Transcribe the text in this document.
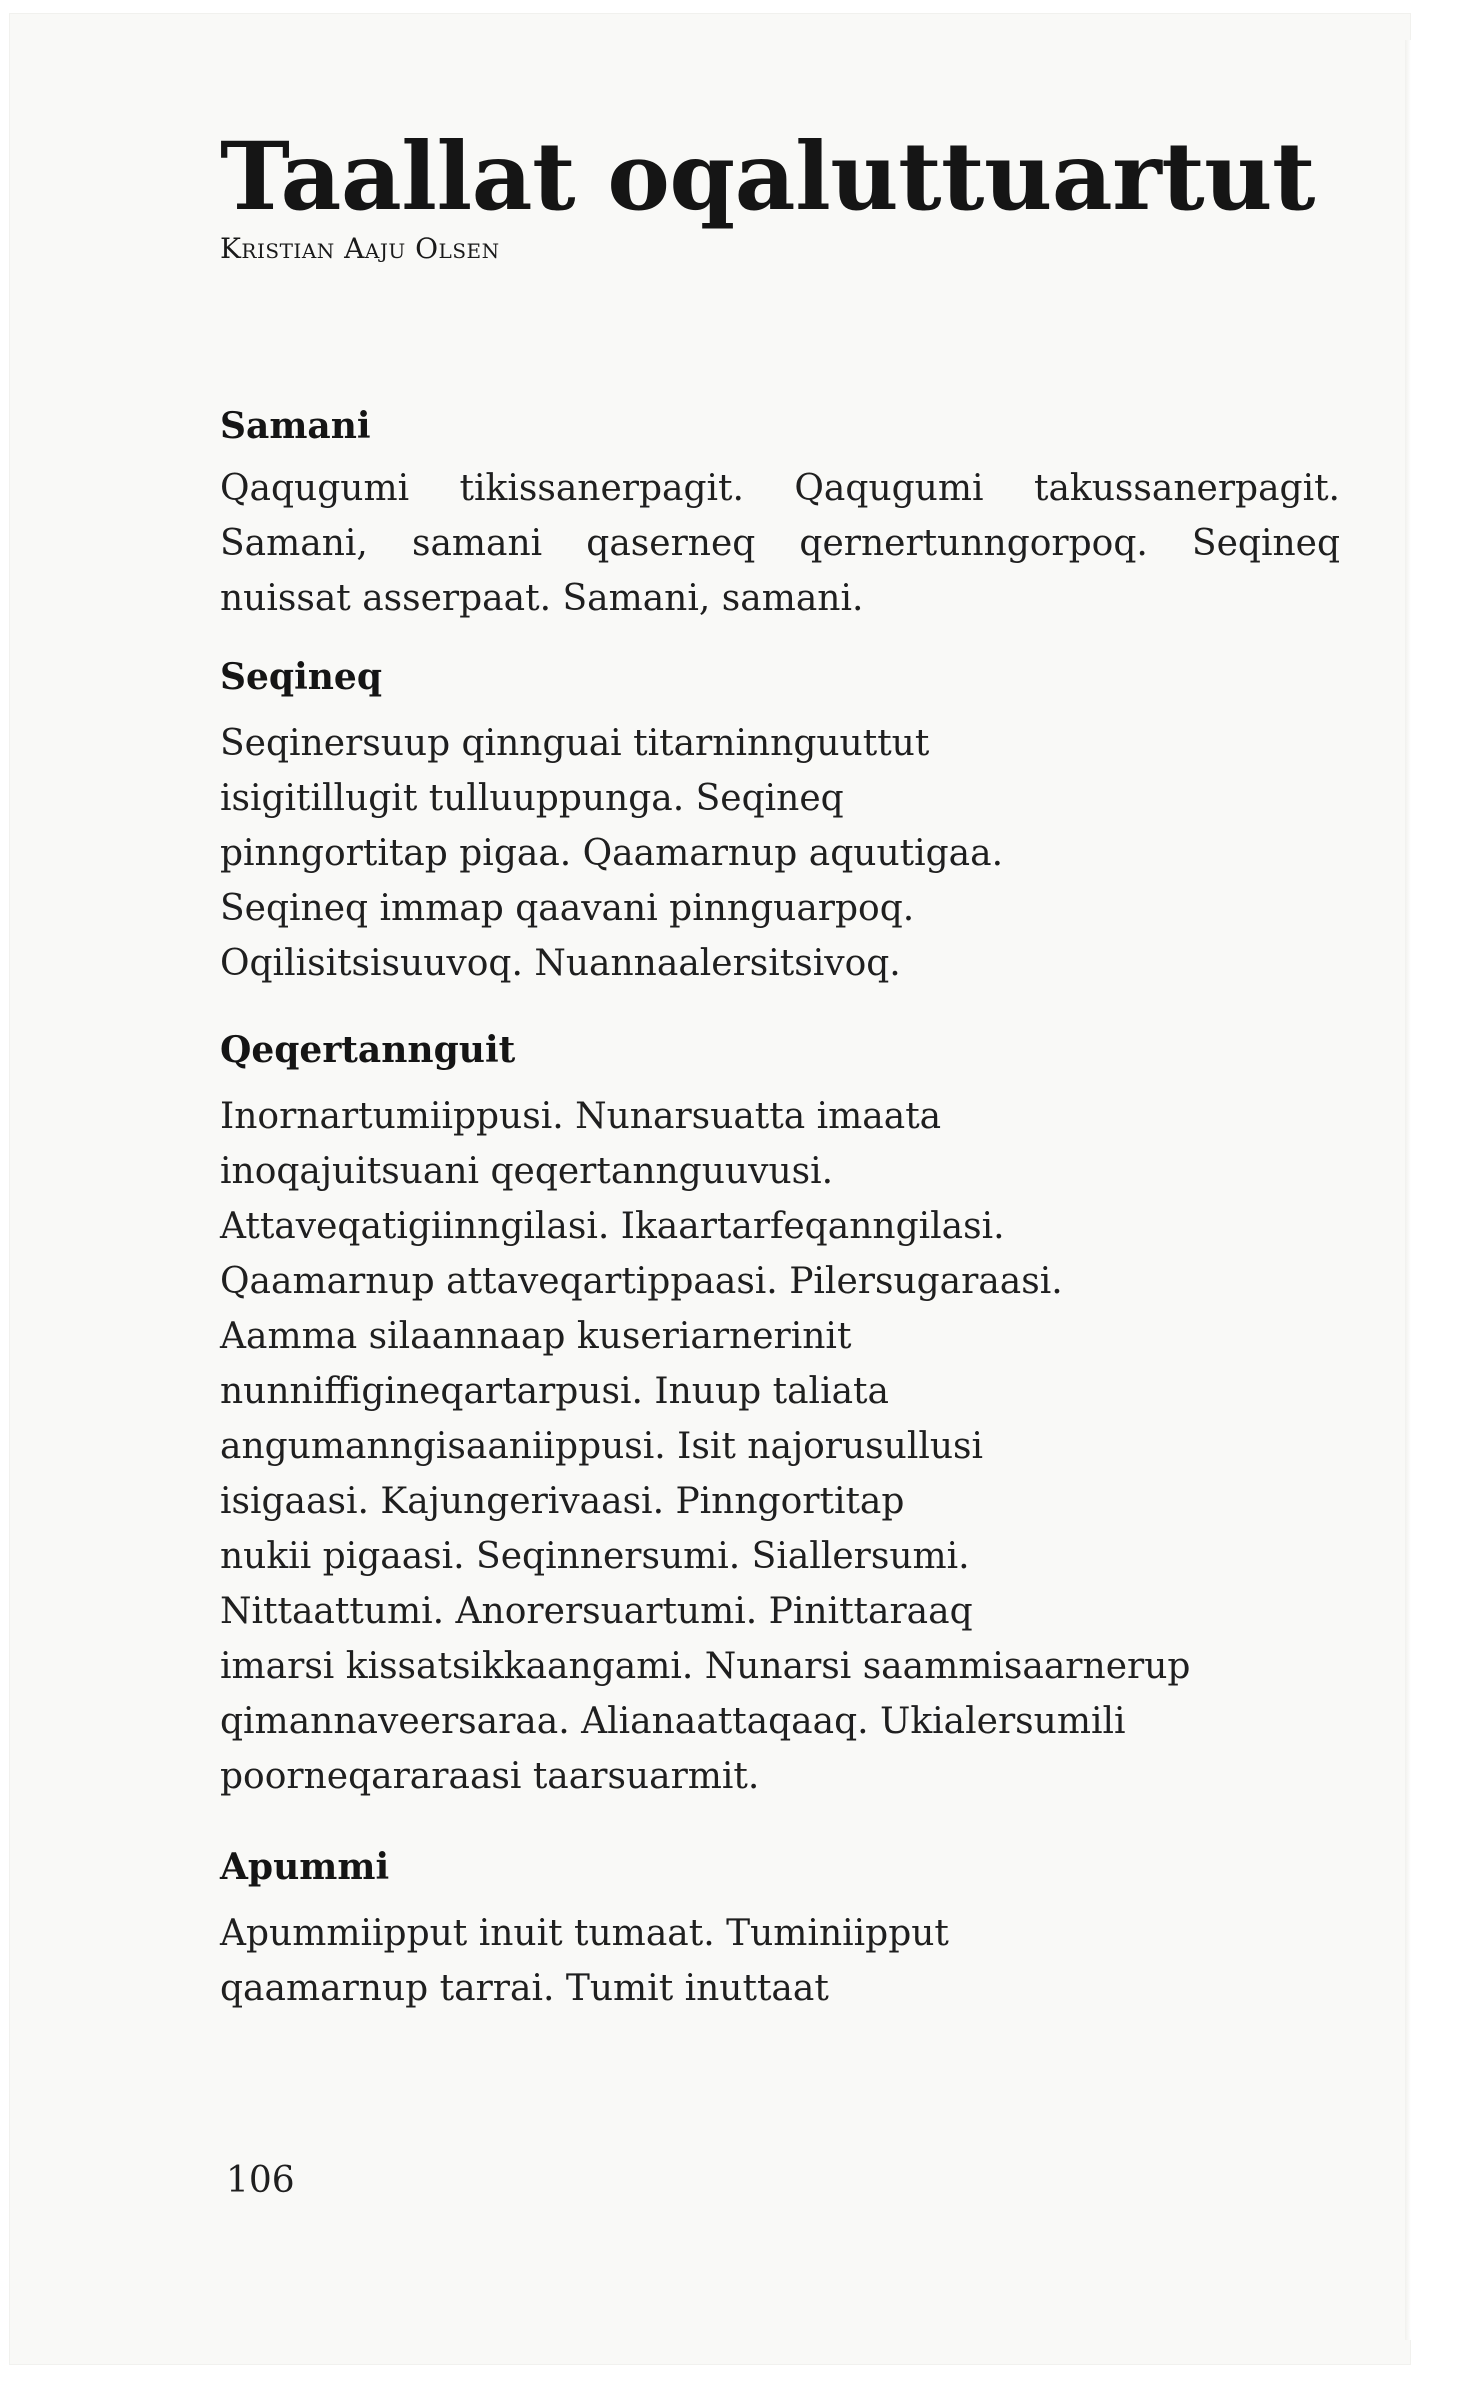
Taallat oqaluttuartut
Kristian Aaju Olsen
Samani

Qaqugumi tikissanerpagit. Qaqugumi takussanerpagit. Samani, samani qaserneq qernertunngorpoq. Seqineq nuissat asserpaat. Samani, samani.

Seqineq

Seqinersuup qinnguai titarninnguuttut
isigitillugit tulluuppunga. Seqineq
pinngortitap pigaa. Qaamarnup aquutigaa.
Seqineq immap qaavani pinnguarpoq.
Oqilisitsisuuvoq. Nuannaalersitsivoq.

Qeqertannguit

Inornartumiippusi. Nunarsuatta imaata
inoqajuitsuani qeqertannguuvusi.
Attaveqatigiinngilasi. Ikaartarfeqanngilasi.
Qaamarnup attaveqartippaasi. Pilersugaraasi.
Aamma silaannaap kuseriarnerinit
nunniffigineqartarpusi. Inuup taliata
angumanngisaaniippusi. Isit najorusullusi
isigaasi. Kajungerivaasi. Pinngortitap
nukii pigaasi. Seqinnersumi. Siallersumi.
Nittaattumi. Anorersuartumi. Pinittaraaq
imarsi kissatsikkaangami. Nunarsi saammisaarnerup
qimannaveersaraa. Alianaattaqaaq. Ukialersumili
poorneqararaasi taarsuarmit.

Apummi

Apummiipput inuit tumaat. Tuminiipput
qaamarnup tarrai. Tumit inuttaat

106
